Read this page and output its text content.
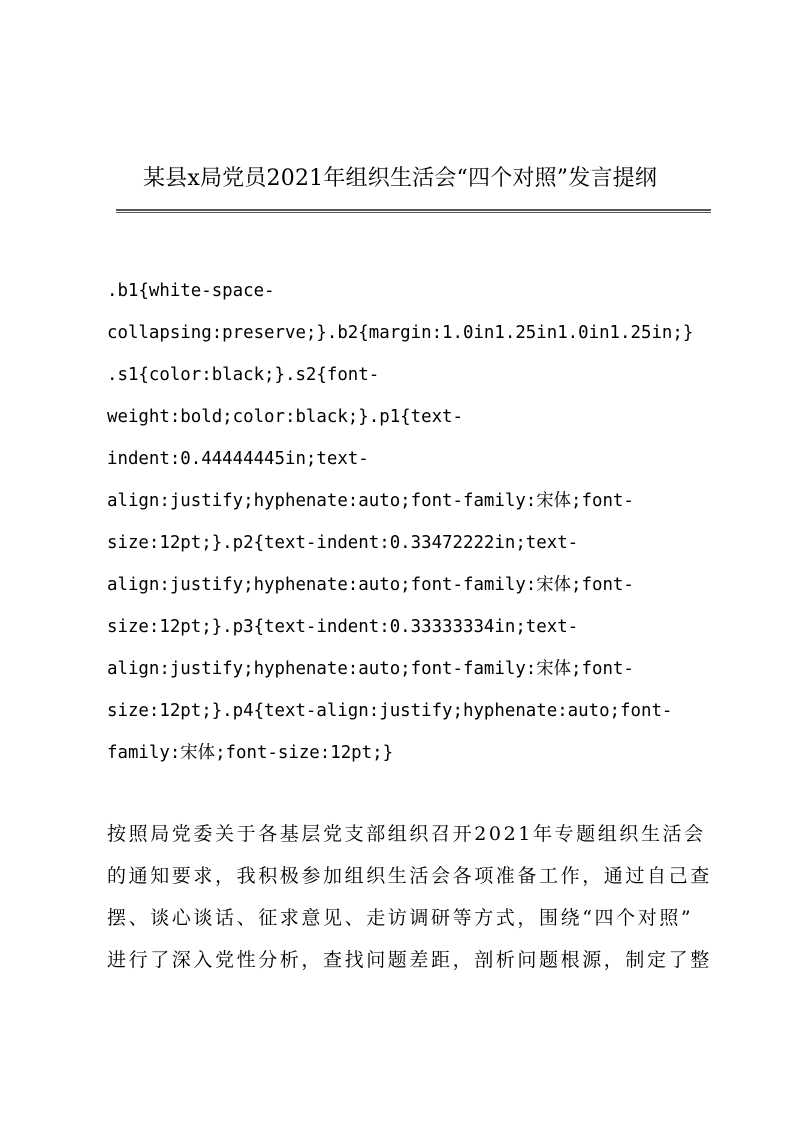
某县x局党员2021年组织生活会“四个对照”发言提纲
.b1{white-space-
collapsing:preserve;}.b2{margin:1.0in1.25in1.0in1.25in;}
.s1{color:black;}.s2{font-
weight:bold;color:black;}.p1{text-
indent:0.44444445in;text-
align:justify;hyphenate:auto;font-family:宋体;font-
size:12pt;}.p2{text-indent:0.33472222in;text-
align:justify;hyphenate:auto;font-family:宋体;font-
size:12pt;}.p3{text-indent:0.33333334in;text-
align:justify;hyphenate:auto;font-family:宋体;font-
size:12pt;}.p4{text-align:justify;hyphenate:auto;font-
family:宋体;font-size:12pt;}
按照局党委关于各基层党支部组织召开2021年专题组织生活会
的通知要求，我积极参加组织生活会各项准备工作，通过自己查
摆、谈心谈话、征求意见、走访调研等方式，围绕“四个对照”
进行了深入党性分析，查找问题差距，剖析问题根源，制定了整
